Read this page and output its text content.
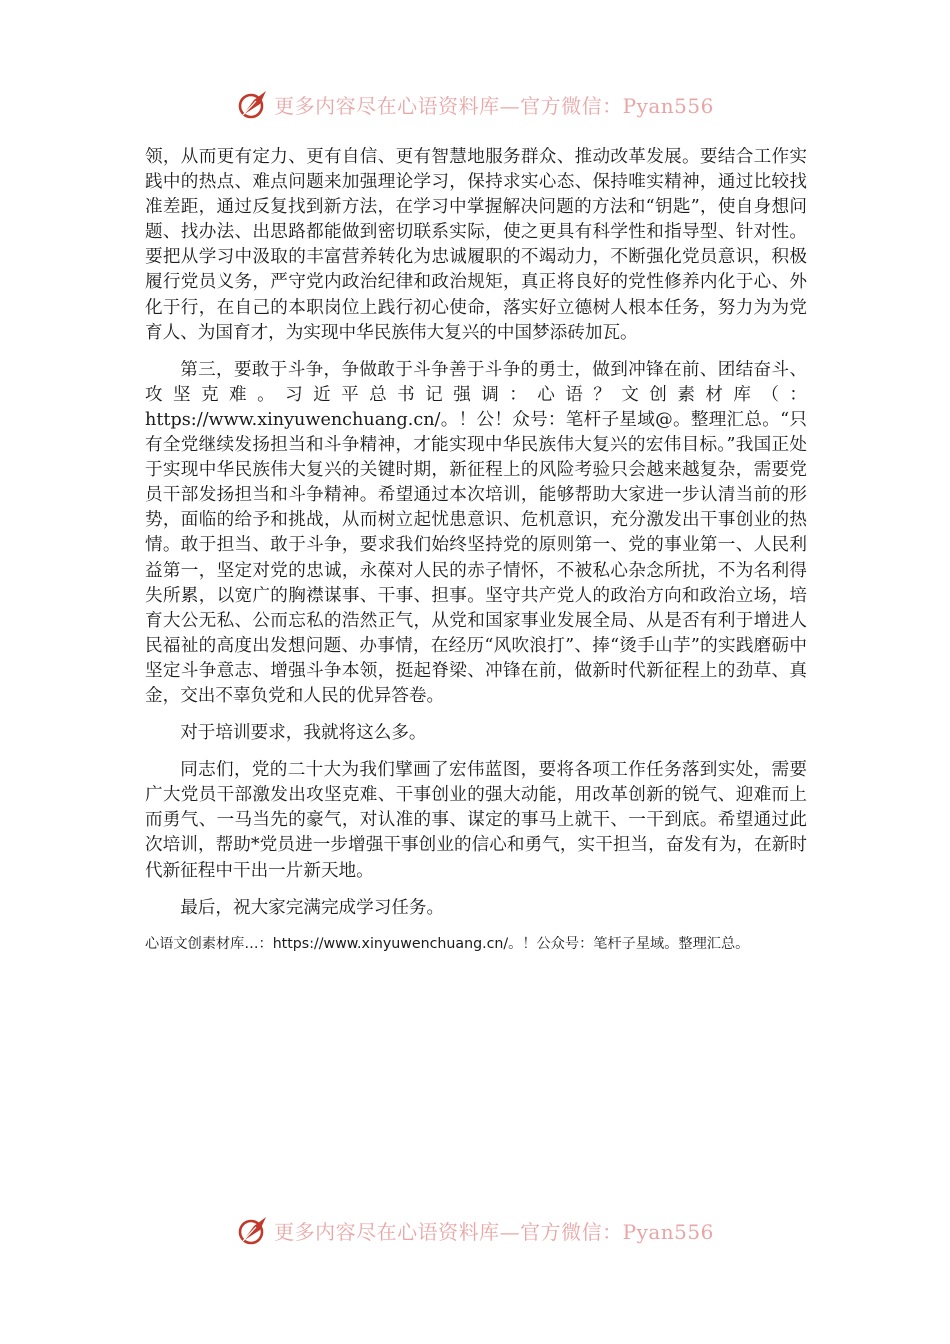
更多内容尽在心语资料库—官方微信：Pyan556

领，从而更有定力、更有自信、更有智慧地服务群众、推动改革发展。要结合工作实践中的热点、难点问题来加强理论学习，保持求实心态、保持唯实精神，通过比较找准差距，通过反复找到新方法，在学习中掌握解决问题的方法和“钥匙”，使自身想问题、找办法、出思路都能做到密切联系实际，使之更具有科学性和指导型、针对性。要把从学习中汲取的丰富营养转化为忠诚履职的不竭动力，不断强化党员意识，积极履行党员义务，严守党内政治纪律和政治规矩，真正将良好的党性修养内化于心、外化于行，在自己的本职岗位上践行初心使命，落实好立德树人根本任务，努力为为党育人、为国育才，为实现中华民族伟大复兴的中国梦添砖加瓦。

第三，要敢于斗争，争做敢于斗争善于斗争的勇士，做到冲锋在前、团结奋斗、攻坚克难。习近平总书记强调：心语？文创素材库（：https://www.xinyuwenchuang.cn/。！公！众号：笔杆子星域@。整理汇总。“只有全党继续发扬担当和斗争精神，才能实现中华民族伟大复兴的宏伟目标。”我国正处于实现中华民族伟大复兴的关键时期，新征程上的风险考验只会越来越复杂，需要党员干部发扬担当和斗争精神。希望通过本次培训，能够帮助大家进一步认清当前的形势，面临的给予和挑战，从而树立起忧患意识、危机意识，充分激发出干事创业的热情。敢于担当、敢于斗争，要求我们始终坚持党的原则第一、党的事业第一、人民利益第一，坚定对党的忠诚，永葆对人民的赤子情怀，不被私心杂念所扰，不为名利得失所累，以宽广的胸襟谋事、干事、担事。坚守共产党人的政治方向和政治立场，培育大公无私、公而忘私的浩然正气，从党和国家事业发展全局、从是否有利于增进人民福祉的高度出发想问题、办事情，在经历“风吹浪打”、捧“烫手山芋”的实践磨砺中坚定斗争意志、增强斗争本领，挺起脊梁、冲锋在前，做新时代新征程上的劲草、真金，交出不辜负党和人民的优异答卷。

对于培训要求，我就将这么多。

同志们，党的二十大为我们擘画了宏伟蓝图，要将各项工作任务落到实处，需要广大党员干部激发出攻坚克难、干事创业的强大动能，用改革创新的锐气、迎难而上而勇气、一马当先的豪气，对认准的事、谋定的事马上就干、一干到底。希望通过此次培训，帮助*党员进一步增强干事创业的信心和勇气，实干担当，奋发有为，在新时代新征程中干出一片新天地。

最后，祝大家完满完成学习任务。

心语文创素材库…：https://www.xinyuwenchuang.cn/。！公众号：笔杆子星域。整理汇总。

更多内容尽在心语资料库—官方微信：Pyan556
